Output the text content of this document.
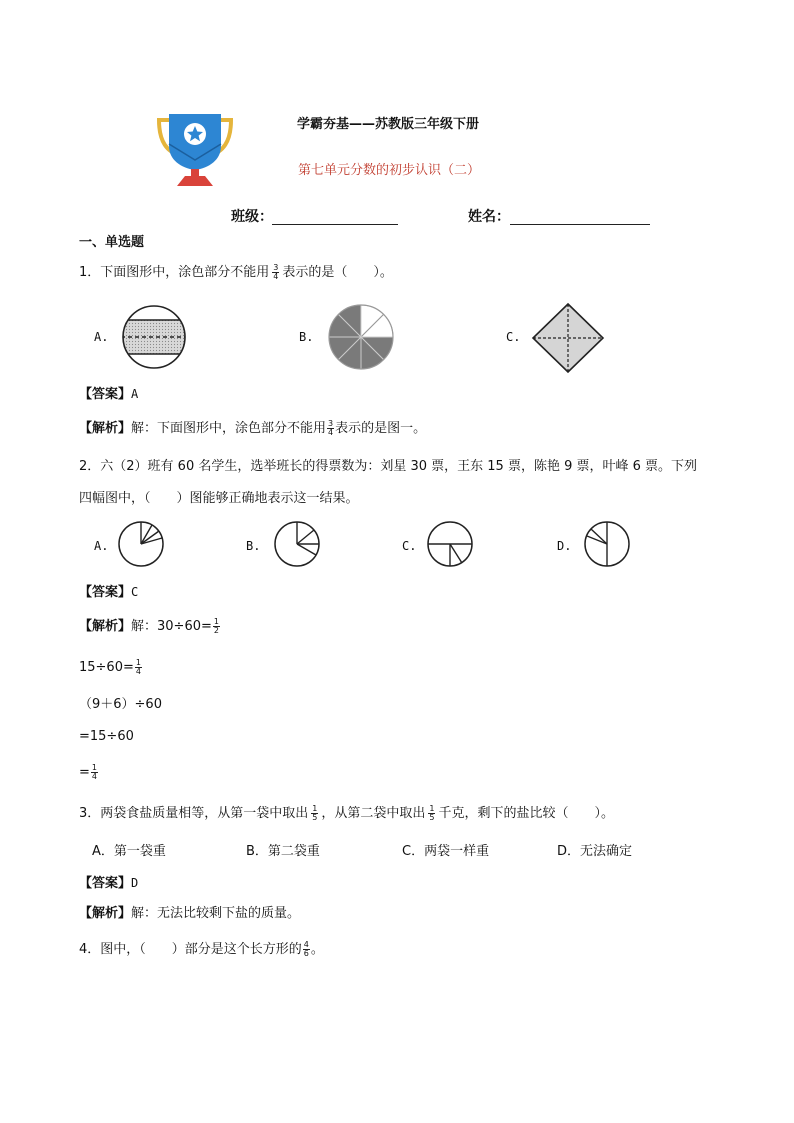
学霸夯基——苏教版三年级下册
第七单元分数的初步认识（二）
班级：	姓名：
一、单选题
1．下面图形中，涂色部分不能用 $\frac{3}{4}$ 表示的是（　　）。
A.	B.	C.
【答案】A
【解析】解：下面图形中，涂色部分不能用 $\frac{3}{4}$ 表示的是图一。
2．六（2）班有 60 名学生，选举班长的得票数为：刘星 30 票，王东 15 票，陈艳 9 票，叶峰 6 票。下列
四幅图中，（　　）图能够正确地表示这一结果。
A.	B.	C.	D.
【答案】C
【解析】解：$30\div 60= \frac{1}{2}$
$15\div 60= \frac{1}{4}$
（9＋6）÷60
=15÷60
= $\frac{1}{4}$
3．两袋食盐质量相等，从第一袋中取出 $\frac{1}{5}$ ，从第二袋中取出 $\frac{1}{5}$ 千克，剩下的盐比较（　　）。
A．第一袋重	B．第二袋重	C．两袋一样重	D．无法确定
【答案】D
【解析】解：无法比较剩下盐的质量。
4．图中，（　　）部分是这个长方形的 $\frac{4}{6}$ 。
